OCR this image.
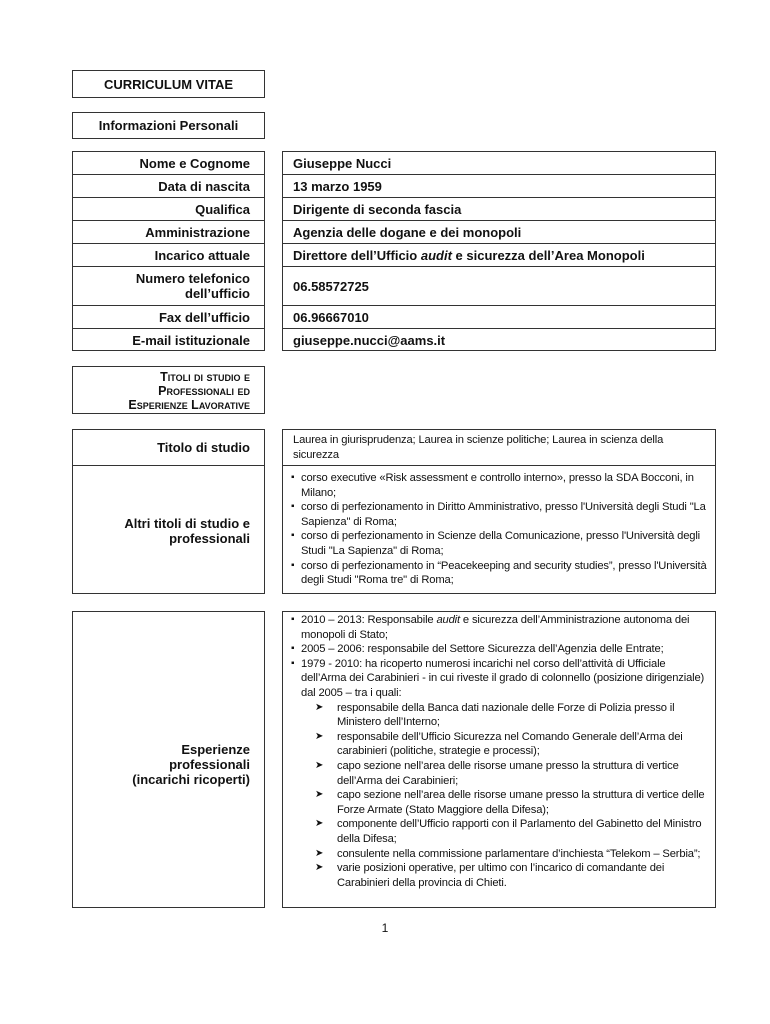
CURRICULUM VITAE
Informazioni Personali
Nome e Cognome
Data di nascita
Qualifica
Amministrazione
Incarico attuale
Numero telefonico
dell’ufficio
Fax dell’ufficio
E-mail istituzionale
Giuseppe Nucci
13 marzo 1959
Dirigente di seconda fascia
Agenzia delle dogane e dei monopoli
Direttore dell’Ufficio audit e sicurezza dell’Area Monopoli
06.58572725
06.96667010
giuseppe.nucci@aams.it
Titoli di studio e
Professionali ed
Esperienze Lavorative
Titolo di studio
Altri titoli di studio e
professionali
Laurea in giurisprudenza; Laurea in scienze politiche; Laurea in scienza della sicurezza
▪ corso executive «Risk assessment e controllo interno», presso la SDA Bocconi, in Milano;
▪ corso di perfezionamento in Diritto Amministrativo, presso l'Università degli Studi "La Sapienza" di Roma;
▪ corso di perfezionamento in Scienze della Comunicazione, presso l'Università degli Studi "La Sapienza" di Roma;
▪ corso di perfezionamento in “Peacekeeping and security studies”, presso l'Università degli Studi "Roma tre" di Roma;
Esperienze
professionali
(incarichi ricoperti)
▪ 2010 – 2013: Responsabile audit e sicurezza dell’Amministrazione autonoma dei monopoli di Stato;
▪ 2005 – 2006: responsabile del Settore Sicurezza dell’Agenzia delle Entrate;
▪ 1979 - 2010: ha ricoperto numerosi incarichi nel corso dell’attività di Ufficiale dell’Arma dei Carabinieri - in cui riveste il grado di colonnello (posizione dirigenziale) dal 2005 – tra i quali:
➤ responsabile della Banca dati nazionale delle Forze di Polizia presso il Ministero dell’Interno;
➤ responsabile dell’Ufficio Sicurezza nel Comando Generale dell’Arma dei carabinieri (politiche, strategie e processi);
➤ capo sezione nell’area delle risorse umane presso la struttura di vertice dell’Arma dei Carabinieri;
➤ capo sezione nell’area delle risorse umane presso la struttura di vertice delle Forze Armate (Stato Maggiore della Difesa);
➤ componente dell’Ufficio rapporti con il Parlamento del Gabinetto del Ministro della Difesa;
➤ consulente nella commissione parlamentare d’inchiesta “Telekom – Serbia”;
➤ varie posizioni operative, per ultimo con l’incarico di comandante dei Carabinieri della provincia di Chieti.
1
